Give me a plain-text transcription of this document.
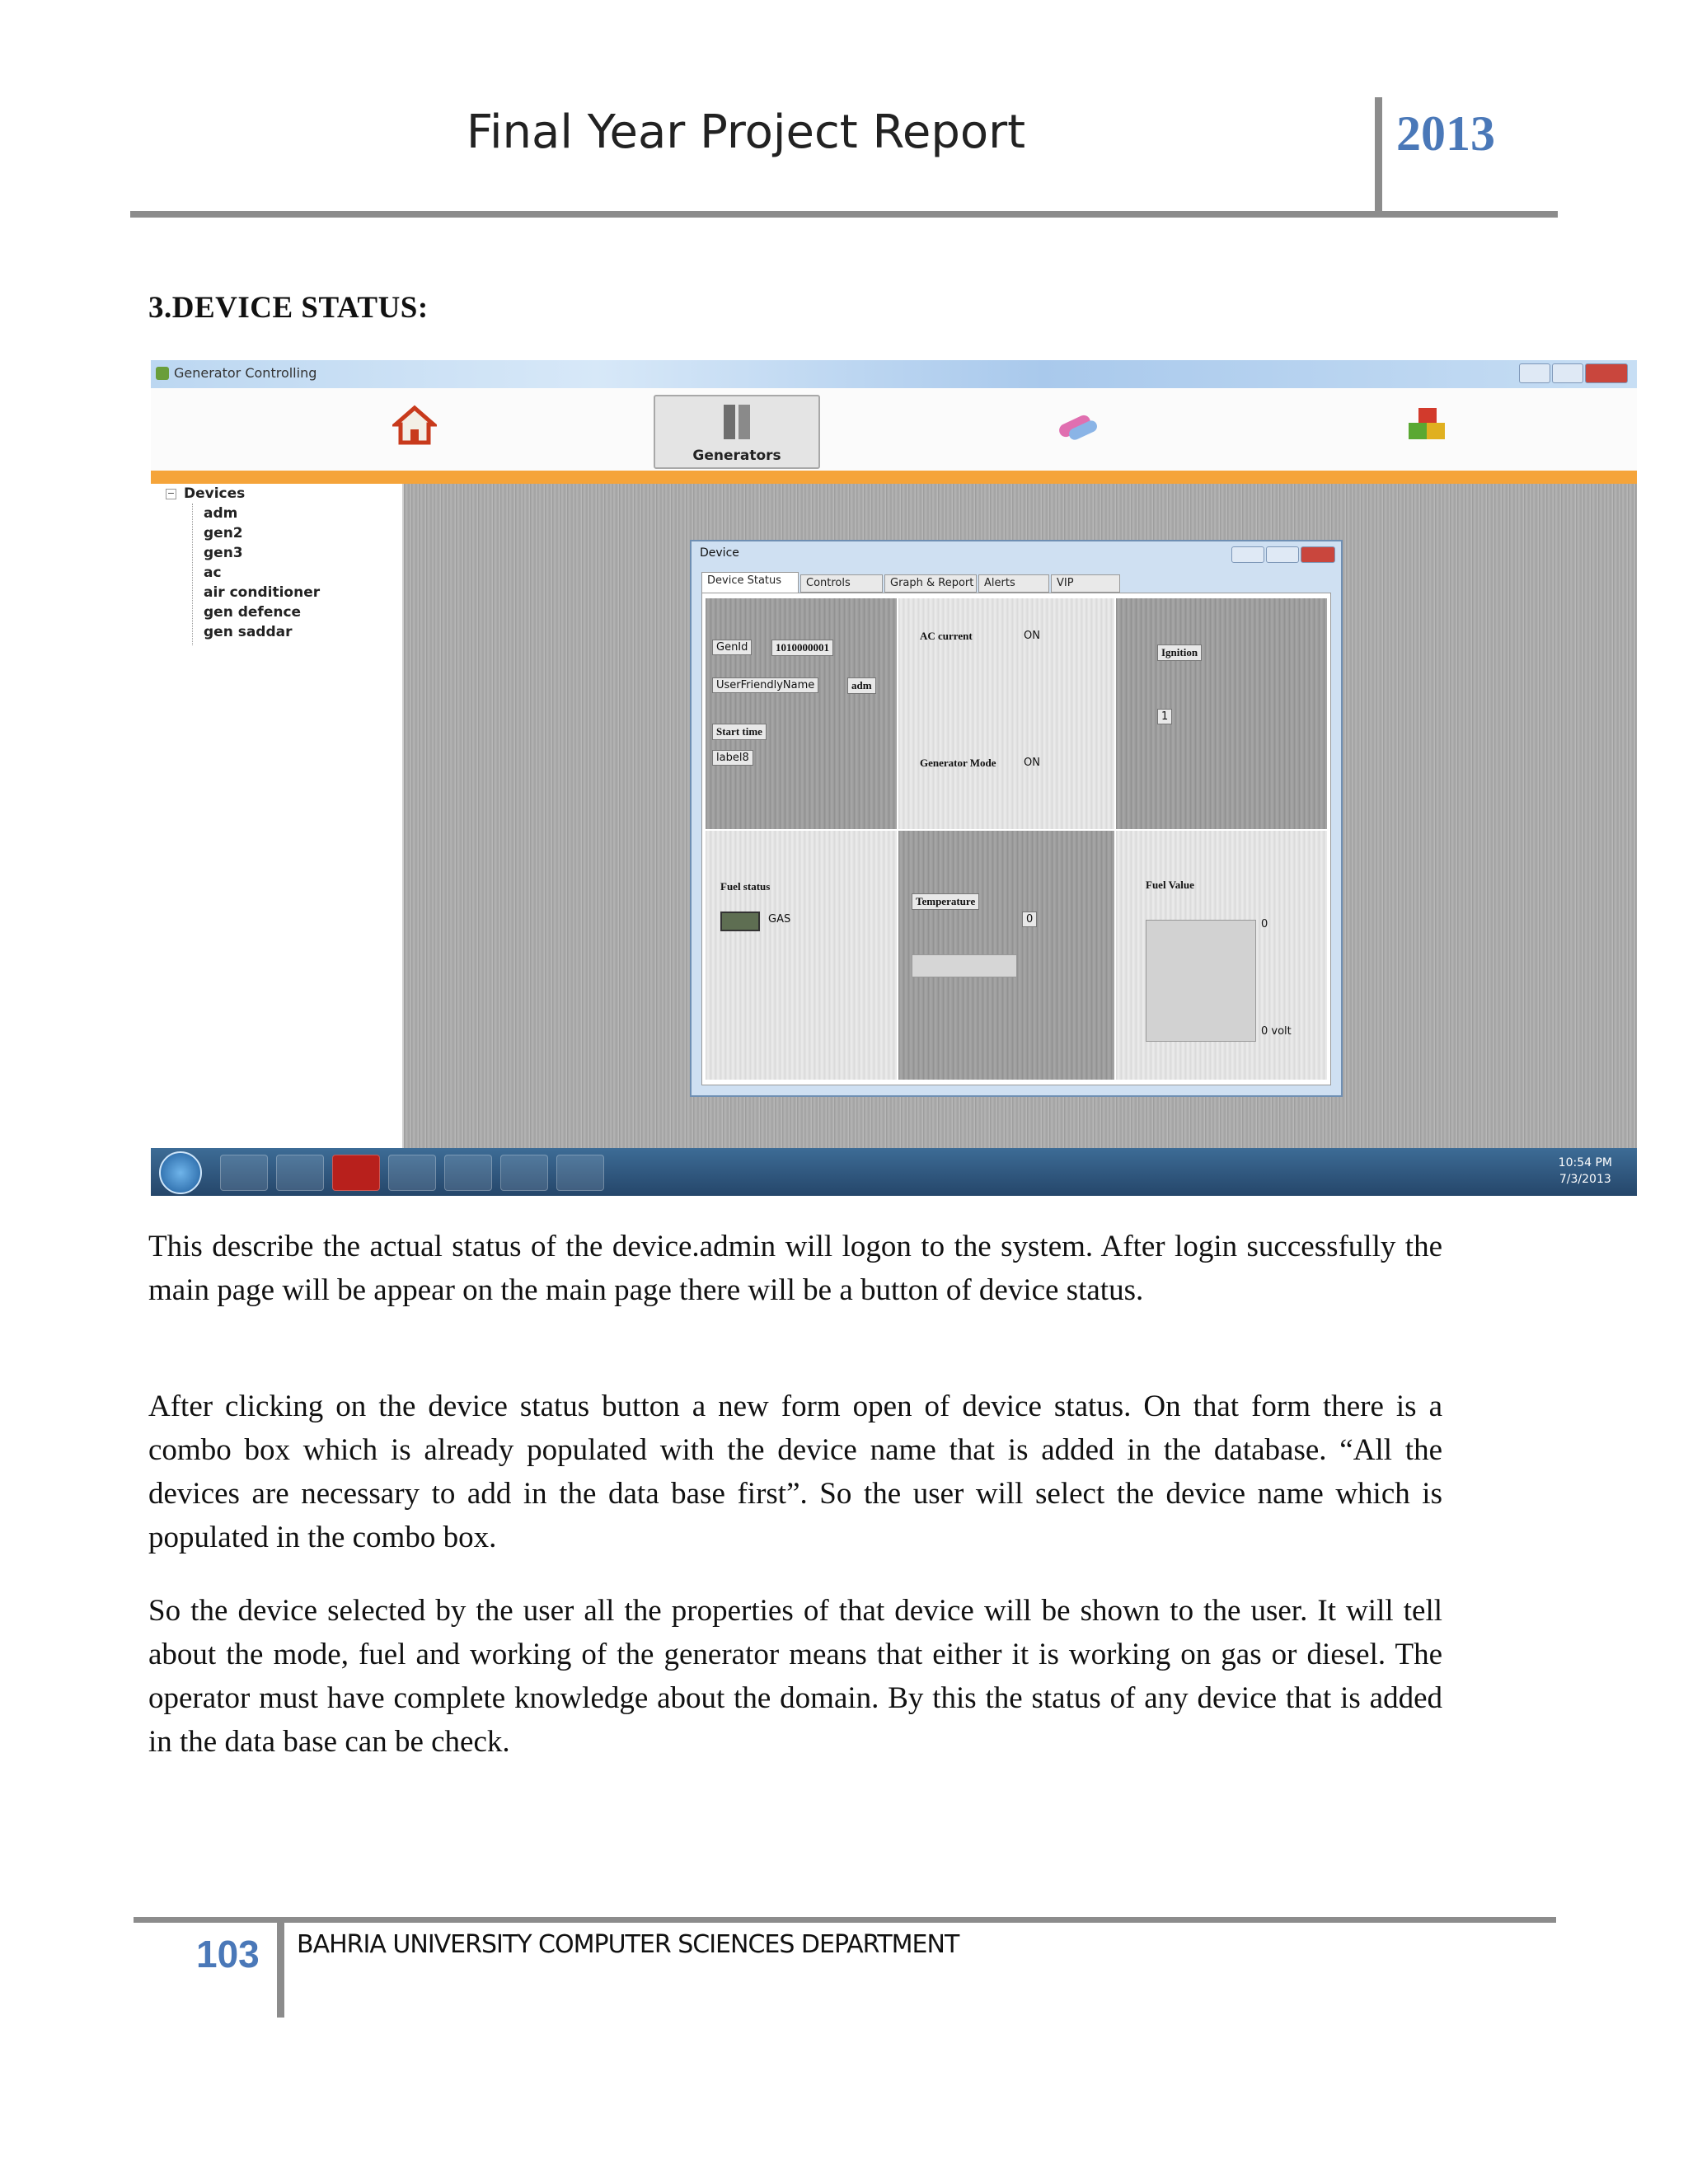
Final Year Project Report	2013
3.DEVICE STATUS:
Generator Controlling
Generators
− Devices
adm
gen2
gen3
ac
air conditioner
gen defence
gen saddar
Device
Device Status	Controls	Graph & Report Alerts	VIP
GenId	1010000001
UserFriendlyName	adm
Start time
label8
AC current	ON
Generator Mode	ON
Ignition
1
Fuel status
GAS
Temperature
0
Fuel Value
0
0 volt
10:54 PM
7/3/2013
This describe the actual status of the device.admin will logon to the system. After login successfully the main page will be appear on the main page there will be a button of device status.
After clicking on the device status button a new form open of device status. On that form there is a combo box which is already populated with the device name that is added in the database. “All the devices are necessary to add in the data base first”. So the user will select the device name which is populated in the combo box.
So the device selected by the user all the properties of that device will be shown to the user. It will tell about the mode, fuel and working of the generator means that either it is working on gas or diesel. The operator must have complete knowledge about the domain. By this the status of any device that is added in the data base can be check.
103 BAHRIA UNIVERSITY COMPUTER SCIENCES DEPARTMENT
